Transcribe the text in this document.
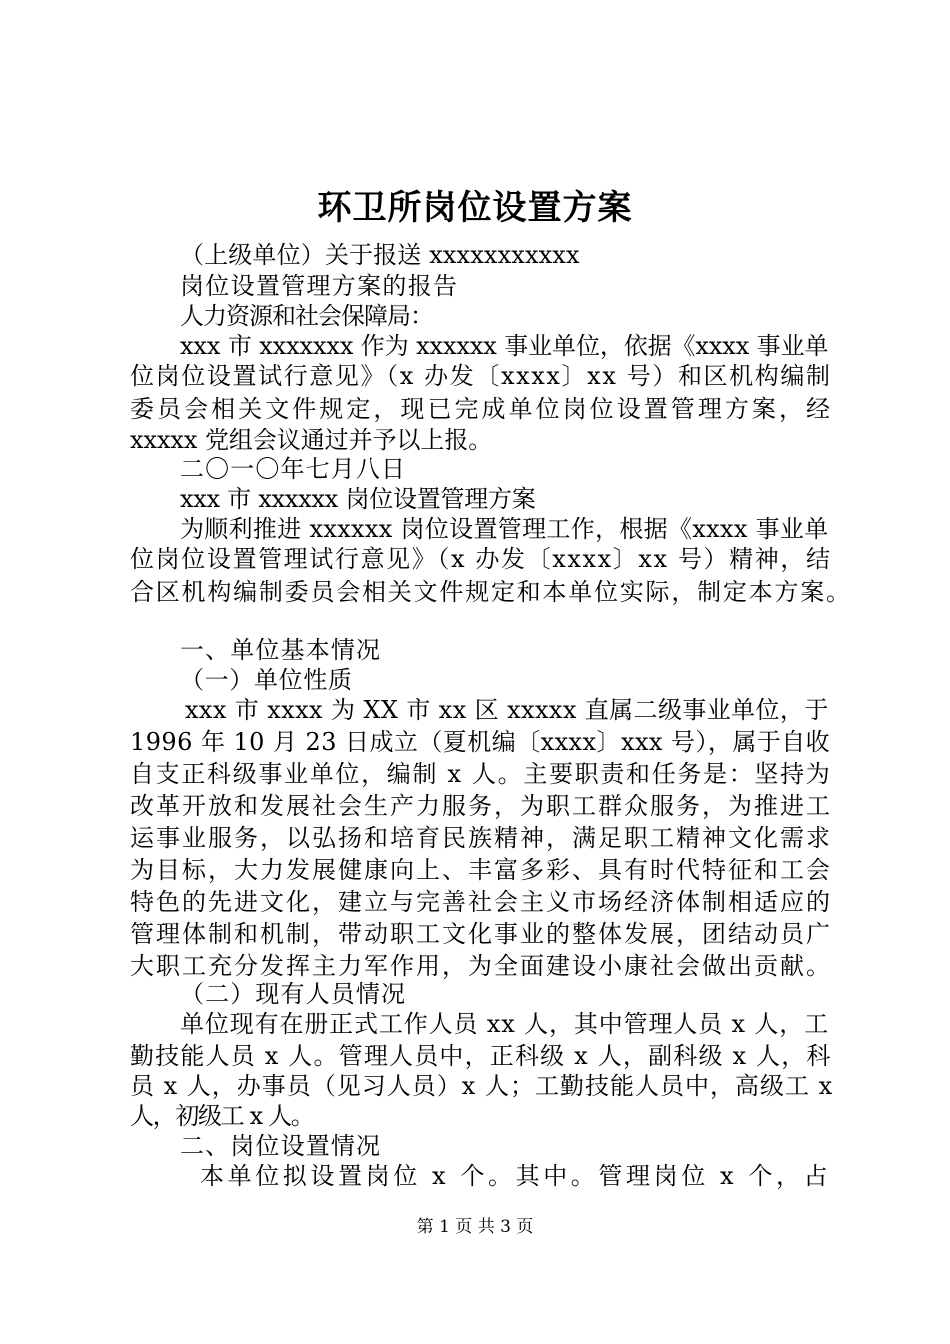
环卫所岗位设置方案
（上级单位）关于报送 xxxxxxxxxxx
岗位设置管理方案的报告
人力资源和社会保障局：
xxx 市 xxxxxxx 作为 xxxxxx 事业单位，依据《xxxx 事业单
位岗位设置试行意见》（x 办发〔xxxx〕xx 号）和区机构编制
委员会相关文件规定，现已完成单位岗位设置管理方案，经
xxxxx 党组会议通过并予以上报。
二〇一〇年七月八日
xxx 市 xxxxxx 岗位设置管理方案
为顺利推进 xxxxxx 岗位设置管理工作，根据《xxxx 事业单
位岗位设置管理试行意见》（x 办发〔xxxx〕xx 号）精神，结
合区机构编制委员会相关文件规定和本单位实际，制定本方案。
一、单位基本情况
（一）单位性质
xxx 市 xxxx 为 XX 市 xx 区 xxxxx 直属二级事业单位，于
1996 年 10 月 23 日成立（夏机编〔xxxx〕xxx 号），属于自收
自支正科级事业单位，编制 x 人。主要职责和任务是：坚持为
改革开放和发展社会生产力服务，为职工群众服务，为推进工
运事业服务，以弘扬和培育民族精神，满足职工精神文化需求
为目标，大力发展健康向上、丰富多彩、具有时代特征和工会
特色的先进文化，建立与完善社会主义市场经济体制相适应的
管理体制和机制，带动职工文化事业的整体发展，团结动员广
大职工充分发挥主力军作用，为全面建设小康社会做出贡献。
（二）现有人员情况
单位现有在册正式工作人员 xx 人，其中管理人员 x 人，工
勤技能人员 x 人。管理人员中，正科级 x 人，副科级 x 人，科
员 x 人，办事员（见习人员）x 人；工勤技能人员中，高级工 x
人，初级工 x 人。
二、岗位设置情况
本单位拟设置岗位 x 个。其中。管理岗位 x 个，占
第 1 页 共 3 页
